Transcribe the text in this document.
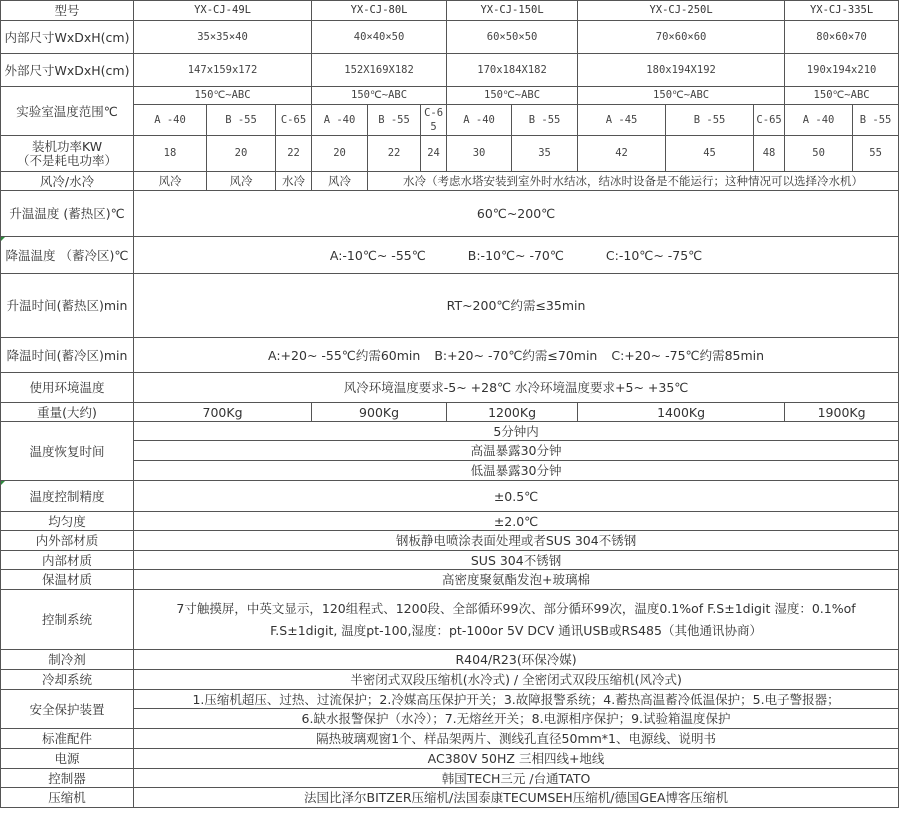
型号	YX-CJ-49L			YX-CJ-80L			YX-CJ-150L		YX-CJ-250L			YX-CJ-335L	
内部尺寸WxDxH(cm)	35×35×40			40×40×50			60×50×50		70×60×60			80×60×70	
外部尺寸WxDxH(cm)	147x159x172			152X169X182			170x184X182		180x194X192			190x194x210	
实验室温度范围℃	150℃~ABC			150℃~ABC			150℃~ABC		150℃~ABC			150℃~ABC	
	A -40	B -55	C-65	A -40	B -55	C-65	A -40	B -55	A -45	B -55	C-65	A -40	B -55

装机功率KW
（不是耗电功率）	18	20	22	20	22	24	30	35	42	45	48	50	55
风冷/水冷	风冷	风冷	水冷	风冷	水冷（考虑水塔安装到室外时水结冰，结冰时设备是不能运行；这种情况可以选择冷水机）								
升温温度 (蓄热区)℃	60℃~200℃												
降温温度 （蓄冷区)℃	A:-10℃~ -55℃ B:-10℃~ -70℃ C:-10℃~ -75℃												
升温时间(蓄热区)min	RT~200℃约需≤35min												
降温时间(蓄冷区)min	A:+20~ -55℃约需60min B:+20~ -70℃约需≤70min C:+20~ -75℃约需85min												
使用环境温度	风冷环境温度要求-5~ +28℃ 水冷环境温度要求+5~ +35℃												
重量(大约)	700Kg			900Kg			1200Kg		1400Kg			1900Kg	
温度恢复时间	5分钟内												
	高温暴露30分钟												
	低温暴露30分钟												
温度控制精度	±0.5℃												
均匀度	±2.0℃												
内外部材质	钢板静电喷涂表面处理或者SUS 304不锈钢												
内部材质	SUS 304不锈钢												
保温材质	高密度聚氨酯发泡+玻璃棉												
控制系统	7寸触摸屏，中英文显示，120组程式、1200段、全部循环99次、部分循环99次，温度0.1%of F.S±1digit 湿度：0.1%of
F.S±1digit, 温度pt-100,湿度：pt-100or 5V DCV 通讯USB或RS485（其他通讯协商）												

制冷剂	R404/R23(环保冷媒)												
冷却系统	半密闭式双段压缩机(水冷式) / 全密闭式双段压缩机(风冷式)												
安全保护装置	1.压缩机超压、过热、过流保护；2.冷媒高压保护开关；3.故障报警系统；4.蓄热高温蓄冷低温保护；5.电子警报器；												
	6.缺水报警保护（水冷）；7.无熔丝开关；8.电源相序保护；9.试验箱温度保护												
标准配件	隔热玻璃观窗1个、样品架两片、测线孔直径50mm*1、电源线、说明书												
电源	AC380V 50HZ 三相四线+地线												
控制器	韩国TECH三元 /台通TATO												
压缩机	法国比泽尔BITZER压缩机/法国泰康TECUMSEH压缩机/德国GEA博客压缩机												
